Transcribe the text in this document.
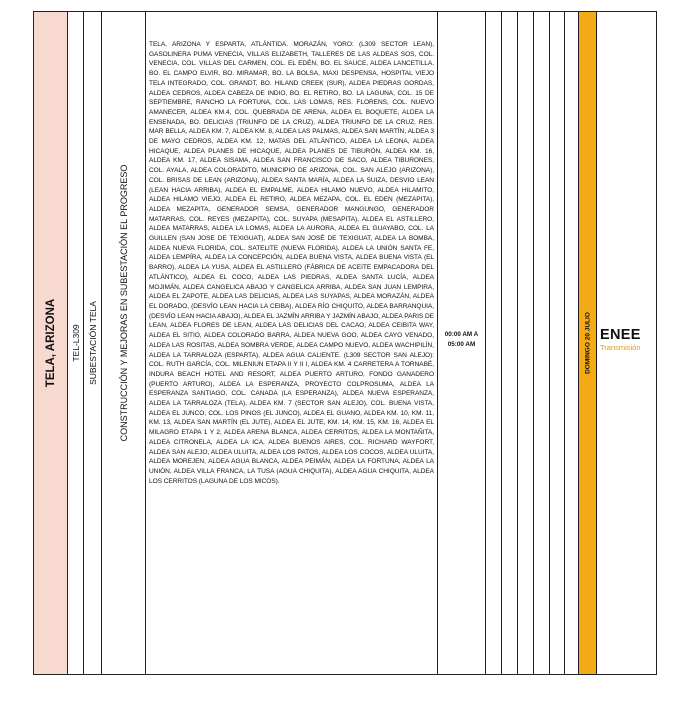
TELA, ARIZONA TEL-L309 SUBESTACIÓN TELA CONSTRUCCIÓN Y MEJORAS EN SUBESTACIÓN EL PROGRESO

TELA, ARIZONA Y ESPARTA, ATLÁNTIDA. MORAZÁN, YORO: (L309 SECTOR LEAN), GASOLINERA PUMA VENECIA, VILLAS ELIZABETH, TALLERES DE LAS ALDEAS SOS, COL. VENECIA, COL. VILLAS DEL CARMEN, COL. EL EDÉN, BO. EL SAUCE, ALDEA LANCETILLA, BO. EL CAMPO ELVIR, BO. MIRAMAR, BO. LA BOLSA, MAXI DESPENSA, HOSPITAL VIEJO TELA INTEGRADO, COL. GRANDT, BO. HILAND CREEK (SUR), ALDEA PIEDRAS GORDAS, ALDEA CEDROS, ALDEA CABEZA DE INDIO, BO. EL RETIRO, BO. LA LAGUNA, COL. 15 DE SEPTIEMBRE, RANCHO LA FORTUNA, COL. LAS LOMAS, RES. FLORENS, COL. NUEVO AMANECER, ALDEA KM.4, COL. QUEBRADA DE ARENA, ALDEA EL BOQUETE, ALDEA LA ENSENADA, BO. DELICIAS (TRIUNFO DE LA CRUZ), ALDEA TRIUNFO DE LA CRUZ, RES. MAR BELLA, ALDEA KM. 7, ALDEA KM. 8, ALDEA LAS PALMAS, ALDEA SAN MARTÍN, ALDEA 3 DE MAYO CEDROS, ALDEA KM. 12, MATAS DEL ATLÁNTICO, ALDEA LA LEONA, ALDEA HICAQUE, ALDEA PLANES DE HICAQUE, ALDEA PLANES DE TIBURÓN, ALDEA KM. 16, ALDEA KM. 17, ALDEA SISAMA, ALDEA SAN FRANCISCO DE SACO, ALDEA TIBURONES, COL. AYALA, ALDEA COLORADITO, MUNICIPIO DE ARIZONA, COL. SAN ALEJO (ARIZONA), COL. BRISAS DE LEAN (ARIZONA), ALDEA SANTA MARÍA, ALDEA LA SUIZA, DESVIO LEAN (LEAN HACIA ARRIBA), ALDEA EL EMPALME, ALDEA HILAMO NUEVO, ALDEA HILAMITO, ALDEA HILAMO VIEJO, ALDEA EL RETIRO, ALDEA MEZAPA, COL. EL EDEN (MEZAPITA), ALDEA MEZAPITA, GENERADOR SEMSA, GENERADOR MANGUNGO, GENERADOR MATARRAS, COL. REYES (MEZAPITA), COL. SUYAPA (MESAPITA), ALDEA EL ASTILLERO, ALDEA MATARRAS, ALDEA LA LOMAS, ALDEA LA AURORA, ALDEA EL GUAYABO, COL. LA GUILLEN (SAN JOSE DE TEXIGUAT), ALDEA SAN JOSÉ DE TEXIGUAT, ALDEA LA BOMBA, ALDEA NUEVA FLORIDA, COL. SATELITE (NUEVA FLORIDA), ALDEA LA UNIÓN SANTA FE, ALDEA LEMPÍRA, ALDEA LA CONCEPCIÓN, ALDEA BUENA VISTA, ALDEA BUENA VISTA (EL BARRO), ALDEA LA YUSA, ALDEA EL ASTILLERO (FÁBRICA DE ACEITE EMPACADORA DEL ATLÁNTICO), ALDEA EL COCO, ALDEA LAS PIEDRAS, ALDEA SANTA LUCÍA, ALDEA MOJIMÁN, ALDEA CANGELICA ABAJO Y CANGELICA ARRIBA, ALDEA SAN JUAN LEMPIRA, ALDEA EL ZAPOTE, ALDEA LAS DELICIAS, ALDEA LAS SUYAPAS, ALDEA MORAZÁN, ALDEA EL DORADO, (DESVÍO LEAN HACIA LA CEIBA), ALDEA RÍO CHIQUITO, ALDEA BARRANQUIA, (DESVÍO LEAN HACIA ABAJO), ALDEA EL JAZMÍN ARRIBA Y JAZMÍN ABAJO, ALDEA PARIS DE LEAN, ALDEA FLORES DE LEAN, ALDEA LAS DELICIAS DEL CACAO, ALDEA CEIBITA WAY, ALDEA EL SITIO, ALDEA COLORADO BARRA, ALDEA NUEVA GOO, ALDEA CAYO VENADO, ALDEA LAS ROSITAS, ALDEA SOMBRA VERDE, ALDEA CAMPO NUEVO, ALDEA WACHIPILÍN, ALDEA LA TARRALOZA (ESPARTA), ALDEA AGUA CALIENTE. (L309 SECTOR SAN ALEJO): COL. RUTH GARCÍA, COL. MILENIUN ETAPA II Y II I, ALDEA KM. 4 CARRETERA A TORNABÉ, INDURA BEACH HOTEL AND RESORT, ALDEA PUERTO ARTURO, FONDO GANADERO (PUERTO ARTURO), ALDEA LA ESPERANZA, PROYECTO COLPROSUMA, ALDEA LA ESPERANZA SANTIAGO, COL. CANADA (LA ESPERANZA), ALDEA NUEVA ESPERANZA, ALDEA LA TARRALOZA (TELA), ALDEA KM. 7 (SECTOR SAN ALEJO), COL. BUENA VISTA, ALDEA EL JUNCO, COL. LOS PINOS (EL JUNCO), ALDEA EL GUANO, ALDEA KM. 10, KM. 11, KM. 13, ALDEA SAN MARTÍN (EL JUTE), ALDEA EL JUTE, KM. 14, KM. 15, KM. 16, ALDEA EL MILAGRO ETAPA 1 Y 2, ALDEA ARENA BLANCA, ALDEA CERRITOS, ALDEA LA MONTAÑITA, ALDEA CITRONELA, ALDEA LA ICA, ALDEA BUENOS AIRES, COL. RICHARD WAYFORT, ALDEA SAN ALEJO, ALDEA ULUITA, ALDEA LOS PATOS, ALDEA LOS COCOS, ALDEA ULUITA, ALDEA MOREJEN, ALDEA AGUA BLANCA, ALDEA PEIMÁN, ALDEA LA FORTUNA, ALDEA LA UNIÓN, ALDEA VILLA FRANCA, LA TUSA (AGUA CHIQUITA), ALDEA AGUA CHIQUITA, ALDEA LOS CERRITOS (LAGUNA DE LOS MICOS).

00:00 AM A 05:00 AM	DOMINGO 20 JULIO ENEE
Transmisión
